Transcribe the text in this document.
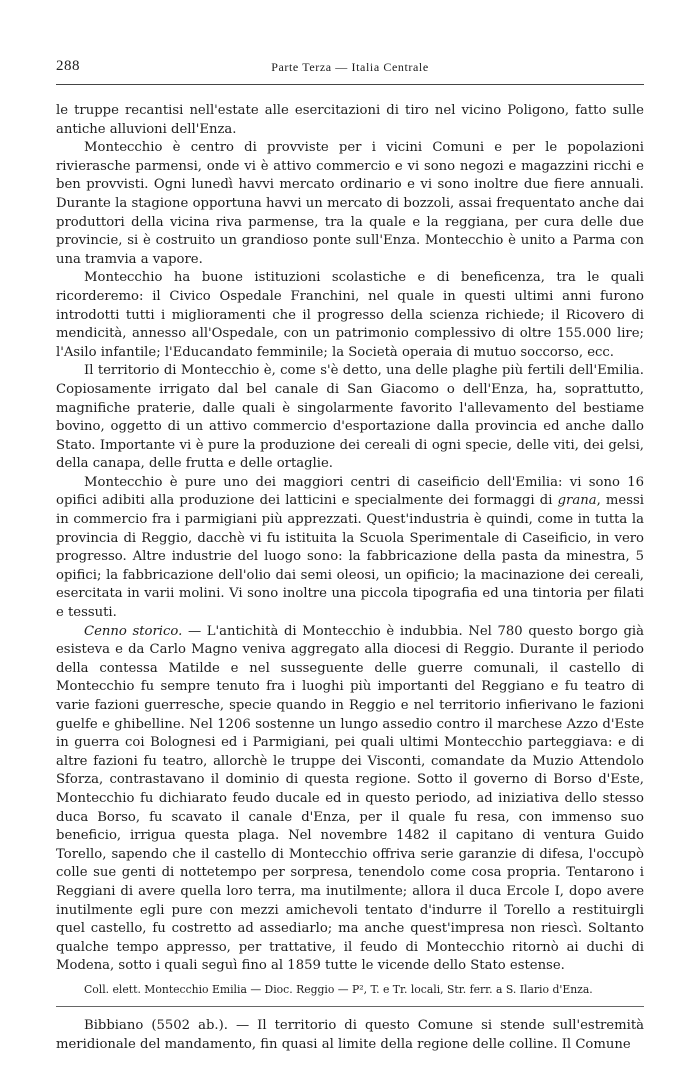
288	Parte Terza — Italia Centrale

le truppe recantisi nell'estate alle esercitazioni di tiro nel vicino Poligono, fatto sulle antiche alluvioni dell'Enza.

Montecchio è centro di provviste per i vicini Comuni e per le popolazioni rivierasche parmensi, onde vi è attivo commercio e vi sono negozi e magazzini ricchi e ben provvisti. Ogni lunedì havvi mercato ordinario e vi sono inoltre due fiere annuali. Durante la stagione opportuna havvi un mercato di bozzoli, assai frequentato anche dai produttori della vicina riva parmense, tra la quale e la reggiana, per cura delle due provincie, si è costruito un grandioso ponte sull'Enza. Montecchio è unito a Parma con una tramvia a vapore.

Montecchio ha buone istituzioni scolastiche e di beneficenza, tra le quali ricorderemo: il Civico Ospedale Franchini, nel quale in questi ultimi anni furono introdotti tutti i miglioramenti che il progresso della scienza richiede; il Ricovero di mendicità, annesso all'Ospedale, con un patrimonio complessivo di oltre 155.000 lire; l'Asilo infantile; l'Educandato femminile; la Società operaia di mutuo soccorso, ecc.

Il territorio di Montecchio è, come s'è detto, una delle plaghe più fertili dell'Emilia. Copiosamente irrigato dal bel canale di San Giacomo o dell'Enza, ha, soprattutto, magnifiche praterie, dalle quali è singolarmente favorito l'allevamento del bestiame bovino, oggetto di un attivo commercio d'esportazione dalla provincia ed anche dallo Stato. Importante vi è pure la produzione dei cereali di ogni specie, delle viti, dei gelsi, della canapa, delle frutta e delle ortaglie.

Montecchio è pure uno dei maggiori centri di caseificio dell'Emilia: vi sono 16 opifici adibiti alla produzione dei latticini e specialmente dei formaggi di grana, messi in commercio fra i parmigiani più apprezzati. Quest'industria è quindi, come in tutta la provincia di Reggio, dacchè vi fu istituita la Scuola Sperimentale di Caseificio, in vero progresso. Altre industrie del luogo sono: la fabbricazione della pasta da minestra, 5 opifici; la fabbricazione dell'olio dai semi oleosi, un opificio; la macinazione dei cereali, esercitata in varii molini. Vi sono inoltre una piccola tipografia ed una tintoria per filati e tessuti.

Cenno storico. — L'antichità di Montecchio è indubbia. Nel 780 questo borgo già esisteva e da Carlo Magno veniva aggregato alla diocesi di Reggio. Durante il periodo della contessa Matilde e nel susseguente delle guerre comunali, il castello di Montecchio fu sempre tenuto fra i luoghi più importanti del Reggiano e fu teatro di varie fazioni guerresche, specie quando in Reggio e nel territorio infierivano le fazioni guelfe e ghibelline. Nel 1206 sostenne un lungo assedio contro il marchese Azzo d'Este in guerra coi Bolognesi ed i Parmigiani, pei quali ultimi Montecchio parteggiava: e di altre fazioni fu teatro, allorchè le truppe dei Visconti, comandate da Muzio Attendolo Sforza, contrastavano il dominio di questa regione. Sotto il governo di Borso d'Este, Montecchio fu dichiarato feudo ducale ed in questo periodo, ad iniziativa dello stesso duca Borso, fu scavato il canale d'Enza, per il quale fu resa, con immenso suo beneficio, irrigua questa plaga. Nel novembre 1482 il capitano di ventura Guido Torello, sapendo che il castello di Montecchio offriva serie garanzie di difesa, l'occupò colle sue genti di nottetempo per sorpresa, tenendolo come cosa propria. Tentarono i Reggiani di avere quella loro terra, ma inutilmente; allora il duca Ercole I, dopo avere inutilmente egli pure con mezzi amichevoli tentato d'indurre il Torello a restituirgli quel castello, fu costretto ad assediarlo; ma anche quest'impresa non riescì. Soltanto qualche tempo appresso, per trattative, il feudo di Montecchio ritornò ai duchi di Modena, sotto i quali seguì fino al 1859 tutte le vicende dello Stato estense.

Coll. elett. Montecchio Emilia — Dioc. Reggio — P², T. e Tr. locali, Str. ferr. a S. Ilario d'Enza.

Bibbiano (5502 ab.). — Il territorio di questo Comune si stende sull'estremità meridionale del mandamento, fin quasi al limite della regione delle colline. Il Comune
